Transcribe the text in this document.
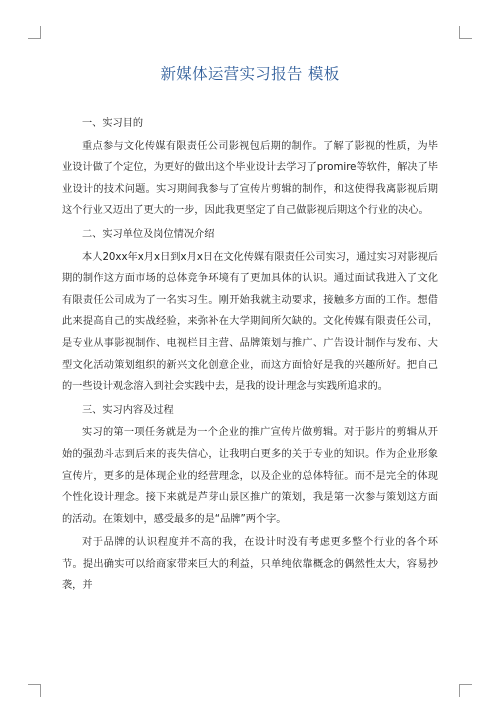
新媒体运营实习报告 模板

一、实习目的

重点参与文化传媒有限责任公司影视包后期的制作。了解了影视的性质，为毕业设计做了个定位，为更好的做出这个毕业设计去学习了promire等软件，解决了毕业设计的技术问题。实习期间我参与了宣传片剪辑的制作，和这使得我离影视后期这个行业又迈出了更大的一步，因此我更坚定了自己做影视后期这个行业的决心。

二、实习单位及岗位情况介绍

本人20xx年x月x日到x月x日在文化传媒有限责任公司实习，通过实习对影视后期的制作这方面市场的总体竞争环境有了更加具体的认识。通过面试我进入了文化有限责任公司成为了一名实习生。刚开始我就主动要求，接触多方面的工作。想借此来提高自己的实战经验，来弥补在大学期间所欠缺的。文化传媒有限责任公司，是专业从事影视制作、电视栏目主营、品牌策划与推广、广告设计制作与发布、大型文化活动策划组织的新兴文化创意企业，而这方面恰好是我的兴趣所好。把自己的一些设计观念溶入到社会实践中去，是我的设计理念与实践所追求的。

三、实习内容及过程

实习的第一项任务就是为一个企业的推广宣传片做剪辑。对于影片的剪辑从开始的强劲斗志到后来的丧失信心，让我明白更多的关于专业的知识。作为企业形象宣传片，更多的是体现企业的经营理念，以及企业的总体特征。而不是完全的体现个性化设计理念。接下来就是芦芽山景区推广的策划，我是第一次参与策划这方面的活动。在策划中，感受最多的是“品牌”两个字。

对于品牌的认识程度并不高的我，在设计时没有考虑更多整个行业的各个环节。提出确实可以给商家带来巨大的利益，只单纯依靠概念的偶然性太大，容易抄袭，并
